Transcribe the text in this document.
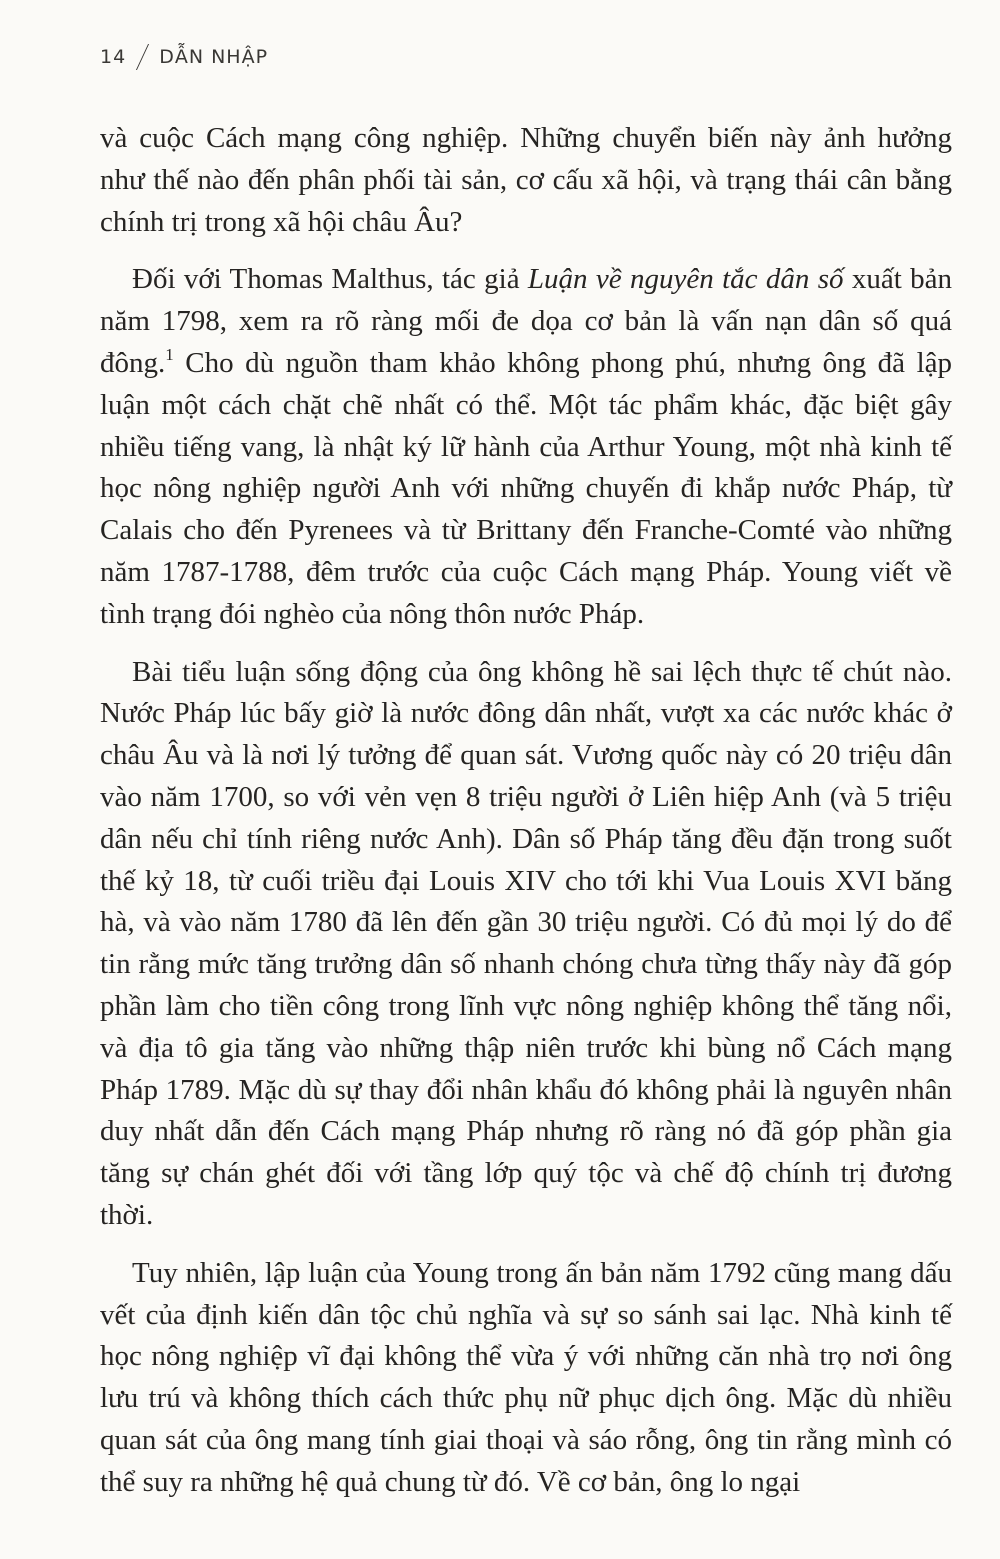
14 DẪN NHẬP

và cuộc Cách mạng công nghiệp. Những chuyển biến này ảnh hưởng như thế nào đến phân phối tài sản, cơ cấu xã hội, và trạng thái cân bằng chính trị trong xã hội châu Âu?

Đối với Thomas Malthus, tác giả Luận về nguyên tắc dân số xuất bản năm 1798, xem ra rõ ràng mối đe dọa cơ bản là vấn nạn dân số quá đông.$^1$ Cho dù nguồn tham khảo không phong phú, nhưng ông đã lập luận một cách chặt chẽ nhất có thể. Một tác phẩm khác, đặc biệt gây nhiều tiếng vang, là nhật ký lữ hành của Arthur Young, một nhà kinh tế học nông nghiệp người Anh với những chuyến đi khắp nước Pháp, từ Calais cho đến Pyrenees và từ Brittany đến Franche-Comté vào những năm 1787-1788, đêm trước của cuộc Cách mạng Pháp. Young viết về tình trạng đói nghèo của nông thôn nước Pháp.

Bài tiểu luận sống động của ông không hề sai lệch thực tế chút nào. Nước Pháp lúc bấy giờ là nước đông dân nhất, vượt xa các nước khác ở châu Âu và là nơi lý tưởng để quan sát. Vương quốc này có 20 triệu dân vào năm 1700, so với vẻn vẹn 8 triệu người ở Liên hiệp Anh (và 5 triệu dân nếu chỉ tính riêng nước Anh). Dân số Pháp tăng đều đặn trong suốt thế kỷ 18, từ cuối triều đại Louis XIV cho tới khi Vua Louis XVI băng hà, và vào năm 1780 đã lên đến gần 30 triệu người. Có đủ mọi lý do để tin rằng mức tăng trưởng dân số nhanh chóng chưa từng thấy này đã góp phần làm cho tiền công trong lĩnh vực nông nghiệp không thể tăng nổi, và địa tô gia tăng vào những thập niên trước khi bùng nổ Cách mạng Pháp 1789. Mặc dù sự thay đổi nhân khẩu đó không phải là nguyên nhân duy nhất dẫn đến Cách mạng Pháp nhưng rõ ràng nó đã góp phần gia tăng sự chán ghét đối với tầng lớp quý tộc và chế độ chính trị đương thời.

Tuy nhiên, lập luận của Young trong ấn bản năm 1792 cũng mang dấu vết của định kiến dân tộc chủ nghĩa và sự so sánh sai lạc. Nhà kinh tế học nông nghiệp vĩ đại không thể vừa ý với những căn nhà trọ nơi ông lưu trú và không thích cách thức phụ nữ phục dịch ông. Mặc dù nhiều quan sát của ông mang tính giai thoại và sáo rỗng, ông tin rằng mình có thể suy ra những hệ quả chung từ đó. Về cơ bản, ông lo ngại
